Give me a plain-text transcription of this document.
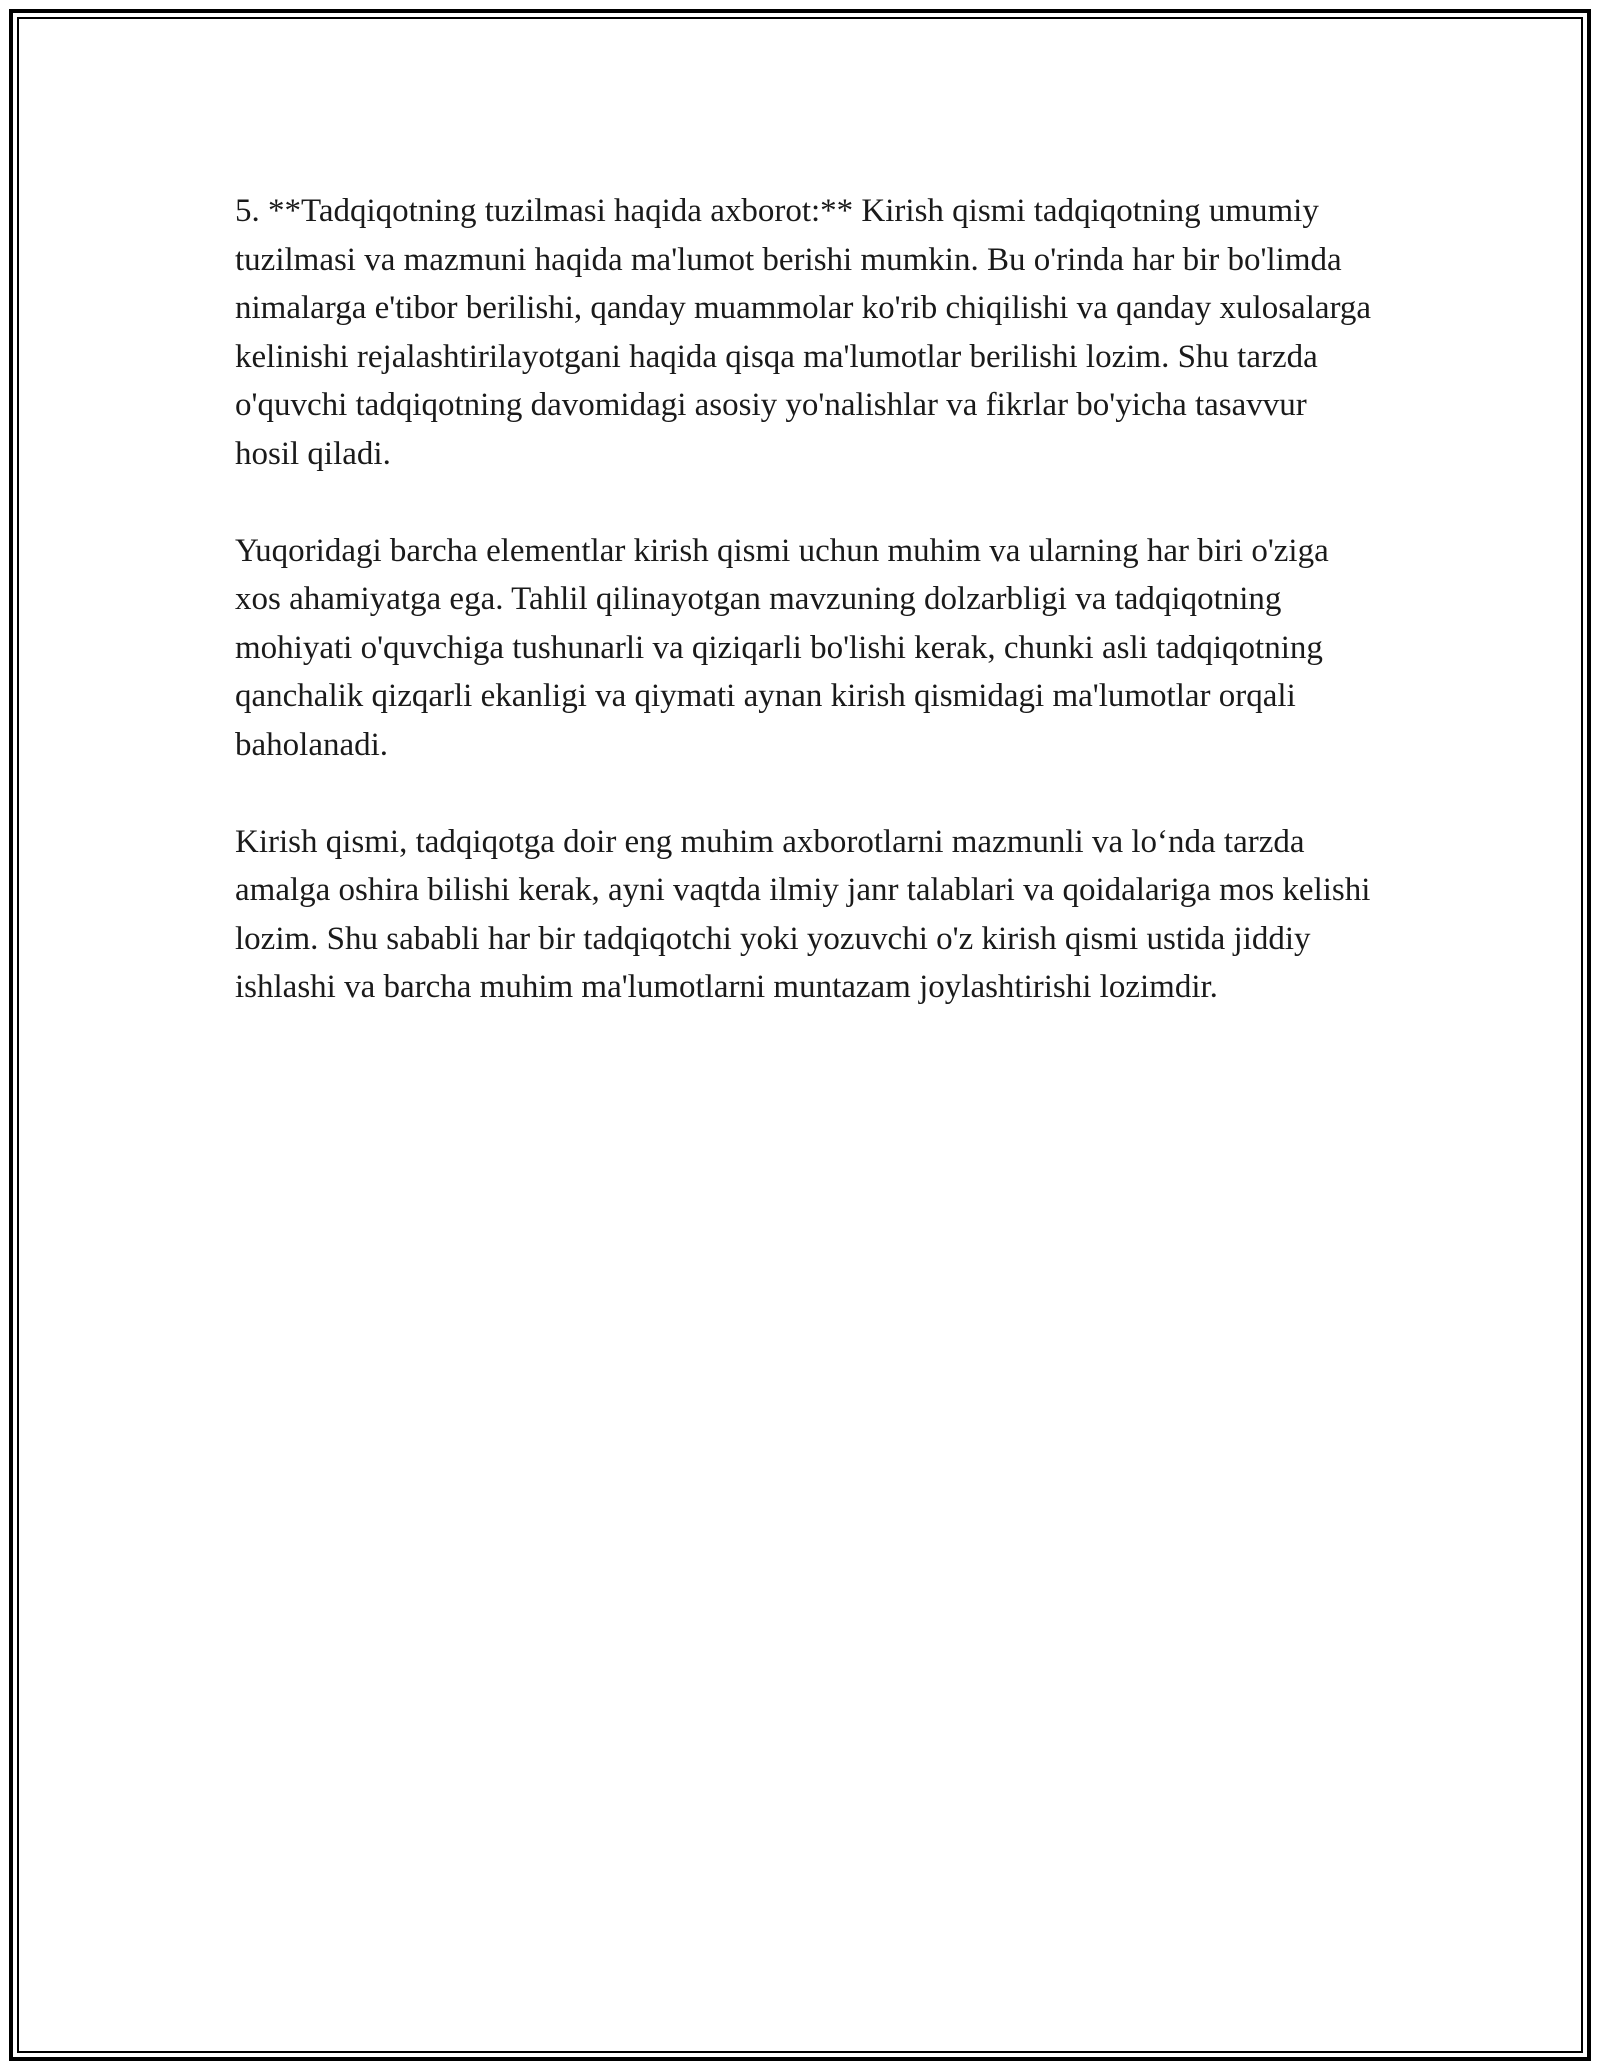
5. **Tadqiqotning tuzilmasi haqida axborot:** Kirish qismi tadqiqotning umumiy tuzilmasi va mazmuni haqida ma'lumot berishi mumkin. Bu o'rinda har bir bo'limda nimalarga e'tibor berilishi, qanday muammolar ko'rib chiqilishi va qanday xulosalarga kelinishi rejalashtirilayotgani haqida qisqa ma'lumotlar berilishi lozim. Shu tarzda o'quvchi tadqiqotning davomidagi asosiy yo'nalishlar va fikrlar bo'yicha tasavvur hosil qiladi.

Yuqoridagi barcha elementlar kirish qismi uchun muhim va ularning har biri o'ziga xos ahamiyatga ega. Tahlil qilinayotgan mavzuning dolzarbligi va tadqiqotning mohiyati o'quvchiga tushunarli va qiziqarli bo'lishi kerak, chunki asli tadqiqotning qanchalik qizqarli ekanligi va qiymati aynan kirish qismidagi ma'lumotlar orqali baholanadi.

Kirish qismi, tadqiqotga doir eng muhim axborotlarni mazmunli va lo‘nda tarzda amalga oshira bilishi kerak, ayni vaqtda ilmiy janr talablari va qoidalariga mos kelishi lozim. Shu sababli har bir tadqiqotchi yoki yozuvchi o'z kirish qismi ustida jiddiy ishlashi va barcha muhim ma'lumotlarni muntazam joylashtirishi lozimdir.
